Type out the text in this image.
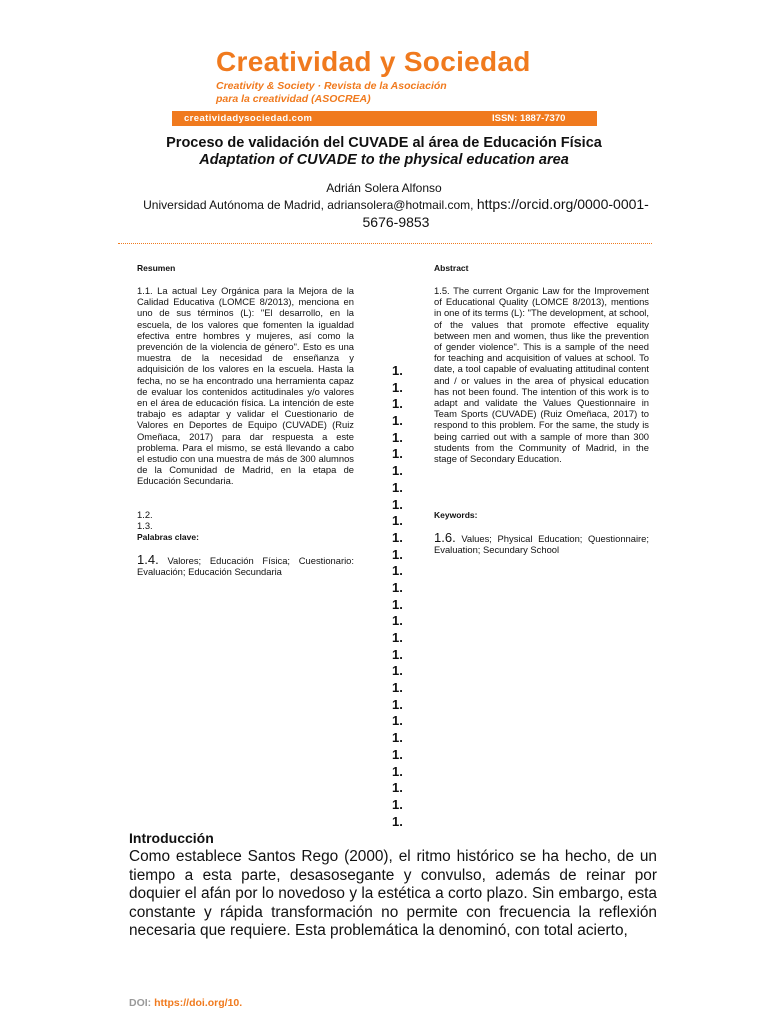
Creatividad y Sociedad
Creativity & Society · Revista de la Asociación
para la creatividad (ASOCREA)
creatividadysociedad.com	ISSN: 1887-7370
Proceso de validación del CUVADE al área de Educación Física
Adaptation of CUVADE to the physical education area
Adrián Solera Alfonso
Universidad Autónoma de Madrid, adriansolera@hotmail.com, https://orcid.org/0000-0001-5676-9853
Resumen
1.1. La actual Ley Orgánica para la Mejora de la Calidad Educativa (LOMCE 8/2013), menciona en uno de sus términos (L): "El desarrollo, en la escuela, de los valores que fomenten la igualdad efectiva entre hombres y mujeres, así como la prevención de la violencia de género". Esto es una muestra de la necesidad de enseñanza y adquisición de los valores en la escuela. Hasta la fecha, no se ha encontrado una herramienta capaz de evaluar los contenidos actitudinales y/o valores en el área de educación física. La intención de este trabajo es adaptar y validar el Cuestionario de Valores en Deportes de Equipo (CUVADE) (Ruiz Omeñaca, 2017) para dar respuesta a este problema. Para el mismo, se está llevando a cabo el estudio con una muestra de más de 300 alumnos de la Comunidad de Madrid, en la etapa de Educación Secundaria.
1.2.
1.3.
Palabras clave:
1.4. Valores; Educación Física; Cuestionario: Evaluación; Educación Secundaria
1.
1.
1.
1.
1.
1.
1.
1.
1.
1.
1.
1.
1.
1.
1.
1.
1.
1.
1.
1.
1.
1.
1.
1.
1.
1.
1.
1.
Abstract
1.5. The current Organic Law for the Improvement of Educational Quality (LOMCE 8/2013), mentions in one of its terms (L): "The development, at school, of the values that promote effective equality between men and women, thus like the prevention of gender violence". This is a sample of the need for teaching and acquisition of values at school. To date, a tool capable of evaluating attitudinal content and / or values in the area of physical education has not been found. The intention of this work is to adapt and validate the Values Questionnaire in Team Sports (CUVADE) (Ruiz Omeñaca, 2017) to respond to this problem. For the same, the study is being carried out with a sample of more than 300 students from the Community of Madrid, in the stage of Secondary Education.
Keywords:
1.6. Values; Physical Education; Questionnaire; Evaluation; Secundary School
Introducción
Como establece Santos Rego (2000), el ritmo histórico se ha hecho, de un tiempo a esta parte, desasosegante y convulso, además de reinar por doquier el afán por lo novedoso y la estética a corto plazo. Sin embargo, esta constante y rápida transformación no permite con frecuencia la reflexión necesaria que requiere. Esta problemática la denominó, con total acierto,
DOI: https://doi.org/10.
